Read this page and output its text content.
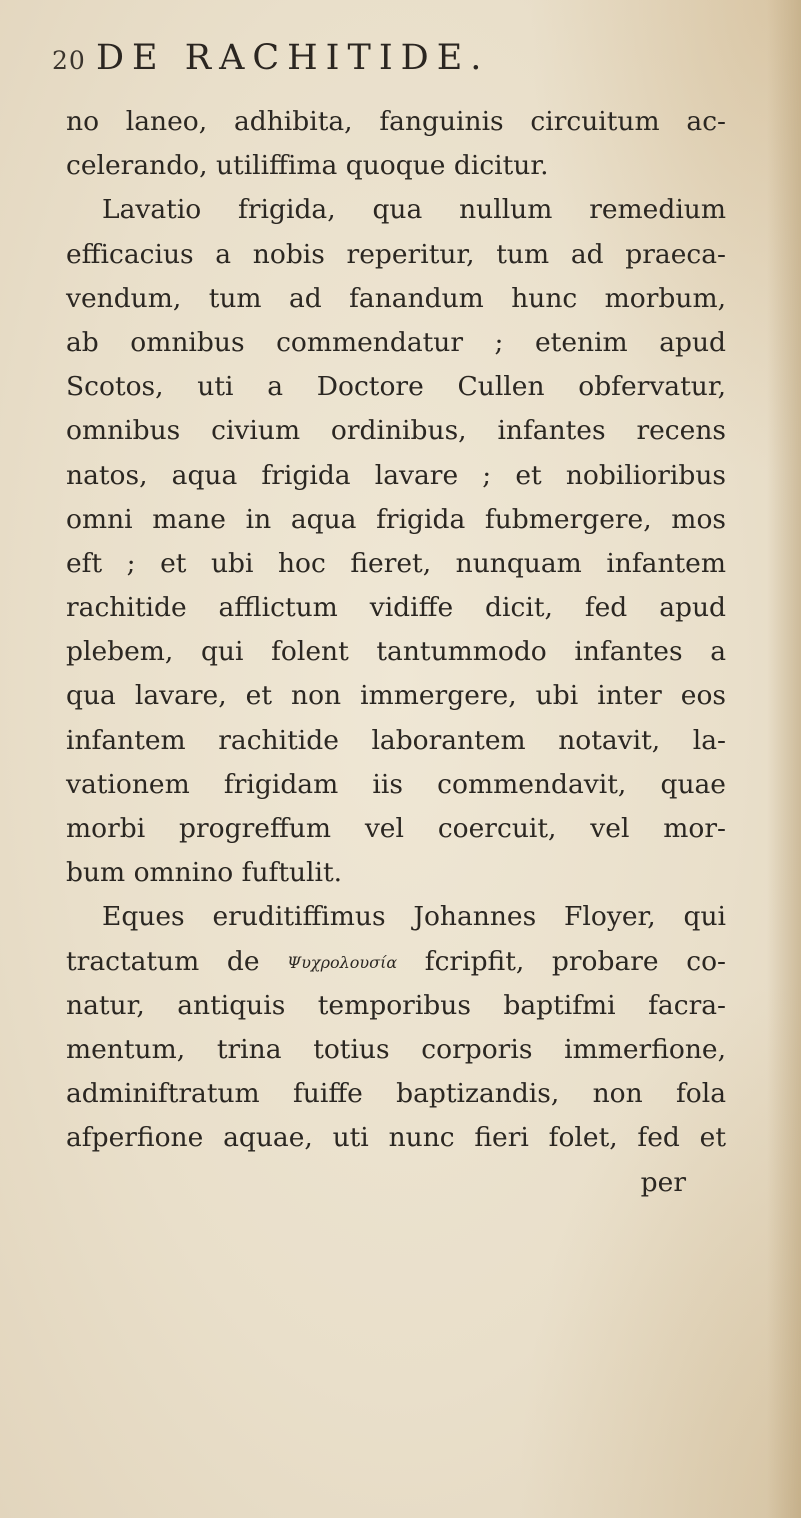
20 DE RACHITIDE.
no laneo, adhibita, fanguinis circuitum ac-
celerando, utiliffima quoque dicitur.
Lavatio frigida, qua nullum remedium
efficacius a nobis reperitur, tum ad praeca-
vendum, tum ad fanandum hunc morbum,
ab omnibus commendatur ; etenim apud
Scotos, uti a Doctore Cullen obfervatur,
omnibus civium ordinibus, infantes recens
natos, aqua frigida lavare ; et nobilioribus
omni mane in aqua frigida fubmergere, mos
eft ; et ubi hoc fieret, nunquam infantem
rachitide afflictum vidiffe dicit, fed apud
plebem, qui folent tantummodo infantes a
qua lavare, et non immergere, ubi inter eos
infantem rachitide laborantem notavit, la-
vationem frigidam iis commendavit, quae
morbi progreffum vel coercuit, vel mor-
bum omnino fuftulit.
Eques eruditiffimus Johannes Floyer, qui
tractatum de Ψυχρολουσία fcripfit, probare co-
natur, antiquis temporibus baptifmi facra-
mentum, trina totius corporis immerfione,
adminiftratum fuiffe baptizandis, non fola
afperfione aquae, uti nunc fieri folet, fed et
per
